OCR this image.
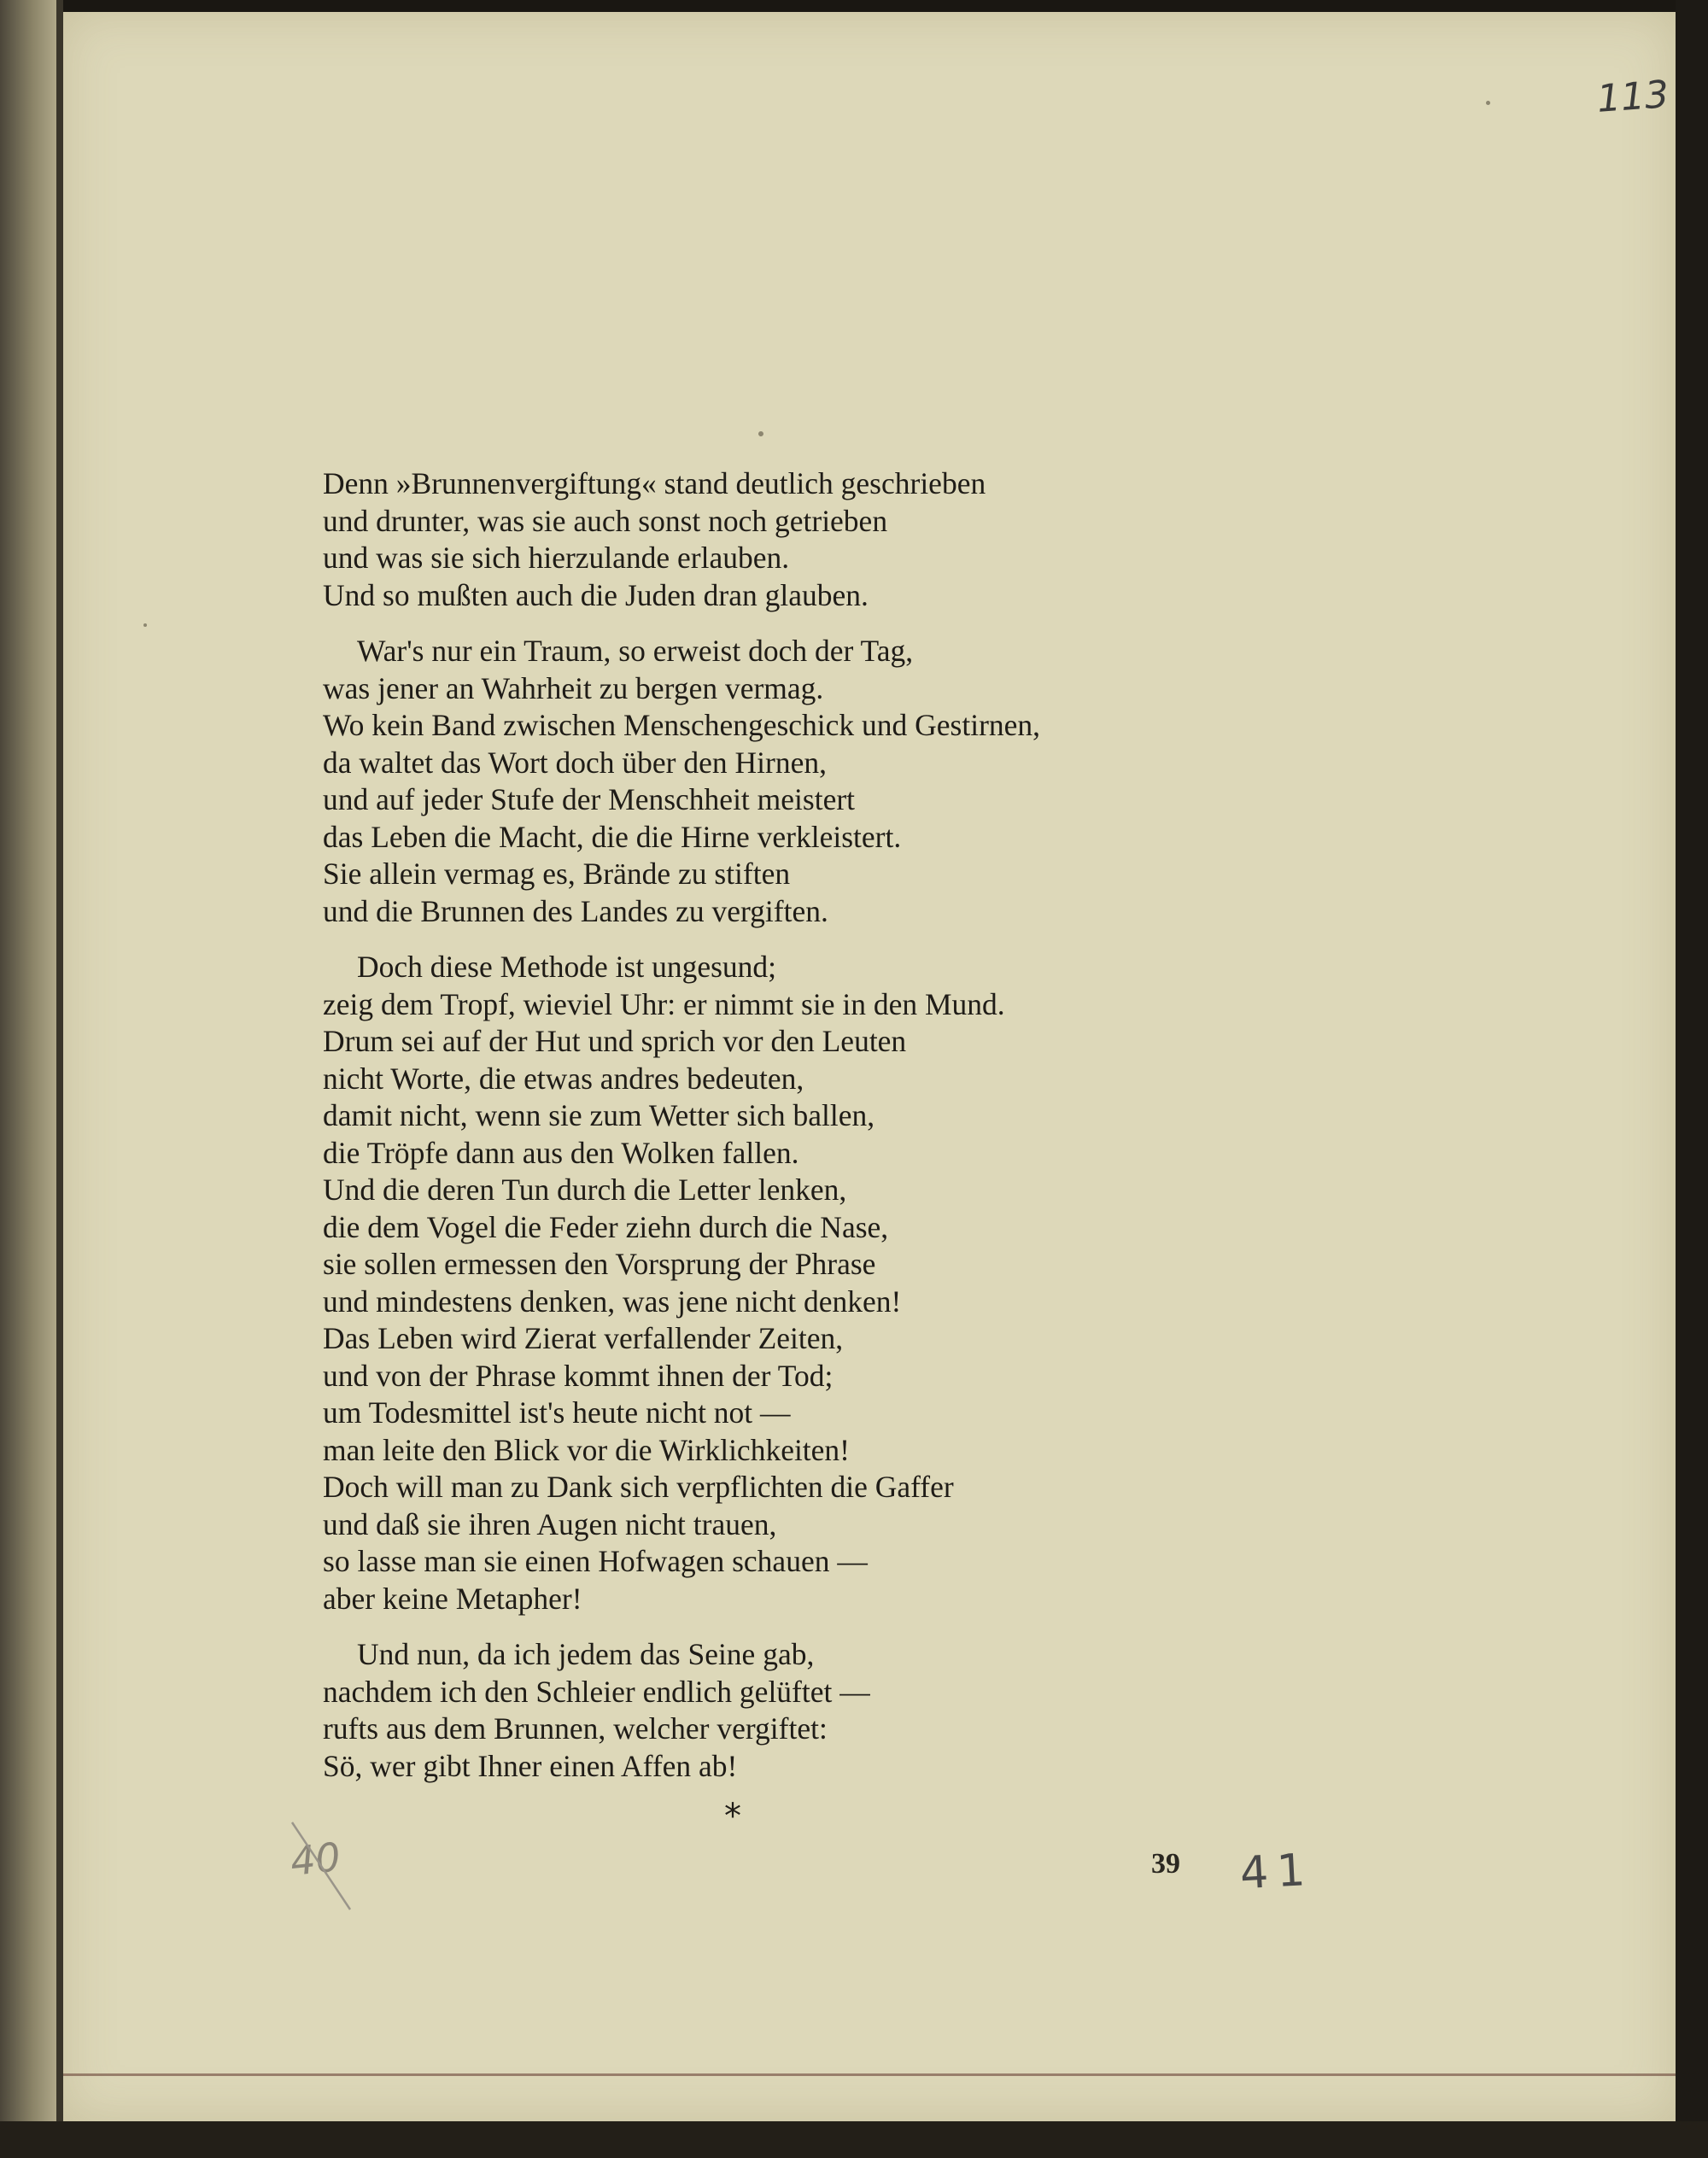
113
Denn »Brunnenvergiftung« stand deutlich geschrieben
und drunter, was sie auch sonst noch getrieben
und was sie sich hierzulande erlauben.
Und so mußten auch die Juden dran glauben.
War's nur ein Traum, so erweist doch der Tag,
was jener an Wahrheit zu bergen vermag.
Wo kein Band zwischen Menschengeschick und Gestirnen,
da waltet das Wort doch über den Hirnen,
und auf jeder Stufe der Menschheit meistert
das Leben die Macht, die die Hirne verkleistert.
Sie allein vermag es, Brände zu stiften
und die Brunnen des Landes zu vergiften.
Doch diese Methode ist ungesund;
zeig dem Tropf, wieviel Uhr: er nimmt sie in den Mund.
Drum sei auf der Hut und sprich vor den Leuten
nicht Worte, die etwas andres bedeuten,
damit nicht, wenn sie zum Wetter sich ballen,
die Tröpfe dann aus den Wolken fallen.
Und die deren Tun durch die Letter lenken,
die dem Vogel die Feder ziehn durch die Nase,
sie sollen ermessen den Vorsprung der Phrase
und mindestens denken, was jene nicht denken!
Das Leben wird Zierat verfallender Zeiten,
und von der Phrase kommt ihnen der Tod;
um Todesmittel ist's heute nicht not —
man leite den Blick vor die Wirklichkeiten!
Doch will man zu Dank sich verpflichten die Gaffer
und daß sie ihren Augen nicht trauen,
so lasse man sie einen Hofwagen schauen —
aber keine Metapher!
Und nun, da ich jedem das Seine gab,
nachdem ich den Schleier endlich gelüftet —
rufts aus dem Brunnen, welcher vergiftet:
Sö, wer gibt Ihner einen Affen ab!
*
39 41
